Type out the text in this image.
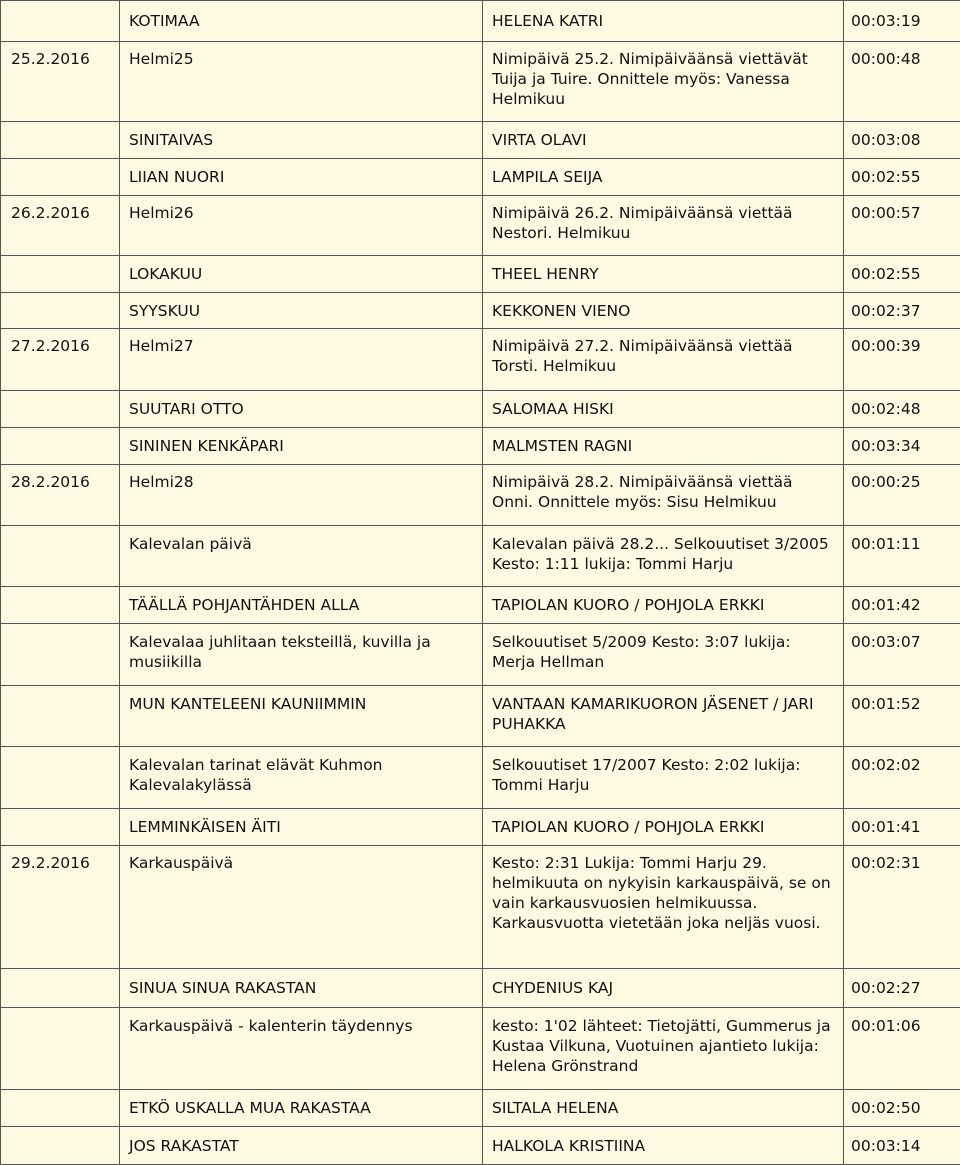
	KOTIMAA	HELENA KATRI	00:03:19
25.2.2016	Helmi25	Nimipäivä 25.2. Nimipäiväänsä viettävät Tuija ja Tuire. Onnittele myös: Vanessa Helmikuu	00:00:48
	SINITAIVAS	VIRTA OLAVI	00:03:08
	LIIAN NUORI	LAMPILA SEIJA	00:02:55
26.2.2016	Helmi26	Nimipäivä 26.2. Nimipäiväänsä viettää Nestori. Helmikuu	00:00:57
	LOKAKUU	THEEL HENRY	00:02:55
	SYYSKUU	KEKKONEN VIENO	00:02:37
27.2.2016	Helmi27	Nimipäivä 27.2. Nimipäiväänsä viettää Torsti. Helmikuu	00:00:39
	SUUTARI OTTO	SALOMAA HISKI	00:02:48
	SININEN KENKÄPARI	MALMSTEN RAGNI	00:03:34
28.2.2016	Helmi28	Nimipäivä 28.2. Nimipäiväänsä viettää Onni. Onnittele myös: Sisu Helmikuu	00:00:25
	Kalevalan päivä	Kalevalan päivä 28.2... Selkouutiset 3/2005 Kesto: 1:11 lukija: Tommi Harju	00:01:11
	TÄÄLLÄ POHJANTÄHDEN ALLA	TAPIOLAN KUORO / POHJOLA ERKKI	00:01:42
	Kalevalaa juhlitaan teksteillä, kuvilla ja musiikilla	Selkouutiset 5/2009 Kesto: 3:07 lukija: Merja Hellman	00:03:07
	MUN KANTELEENI KAUNIIMMIN	VANTAAN KAMARIKUORON JÄSENET / JARI PUHAKKA	00:01:52
	Kalevalan tarinat elävät Kuhmon Kalevalakylässä	Selkouutiset 17/2007 Kesto: 2:02 lukija: Tommi Harju	00:02:02
	LEMMINKÄISEN ÄITI	TAPIOLAN KUORO / POHJOLA ERKKI	00:01:41
29.2.2016	Karkauspäivä	Kesto: 2:31 Lukija: Tommi Harju 29. helmikuuta on nykyisin karkauspäivä, se on vain karkausvuosien helmikuussa. Karkausvuotta vietetään joka neljäs vuosi.	00:02:31
	SINUA SINUA RAKASTAN	CHYDENIUS KAJ	00:02:27
	Karkauspäivä - kalenterin täydennys	kesto: 1'02 lähteet: Tietojätti, Gummerus ja Kustaa Vilkuna, Vuotuinen ajantieto lukija: Helena Grönstrand	00:01:06
	ETKÖ USKALLA MUA RAKASTAA	SILTALA HELENA	00:02:50
	JOS RAKASTAT	HALKOLA KRISTIINA	00:03:14
